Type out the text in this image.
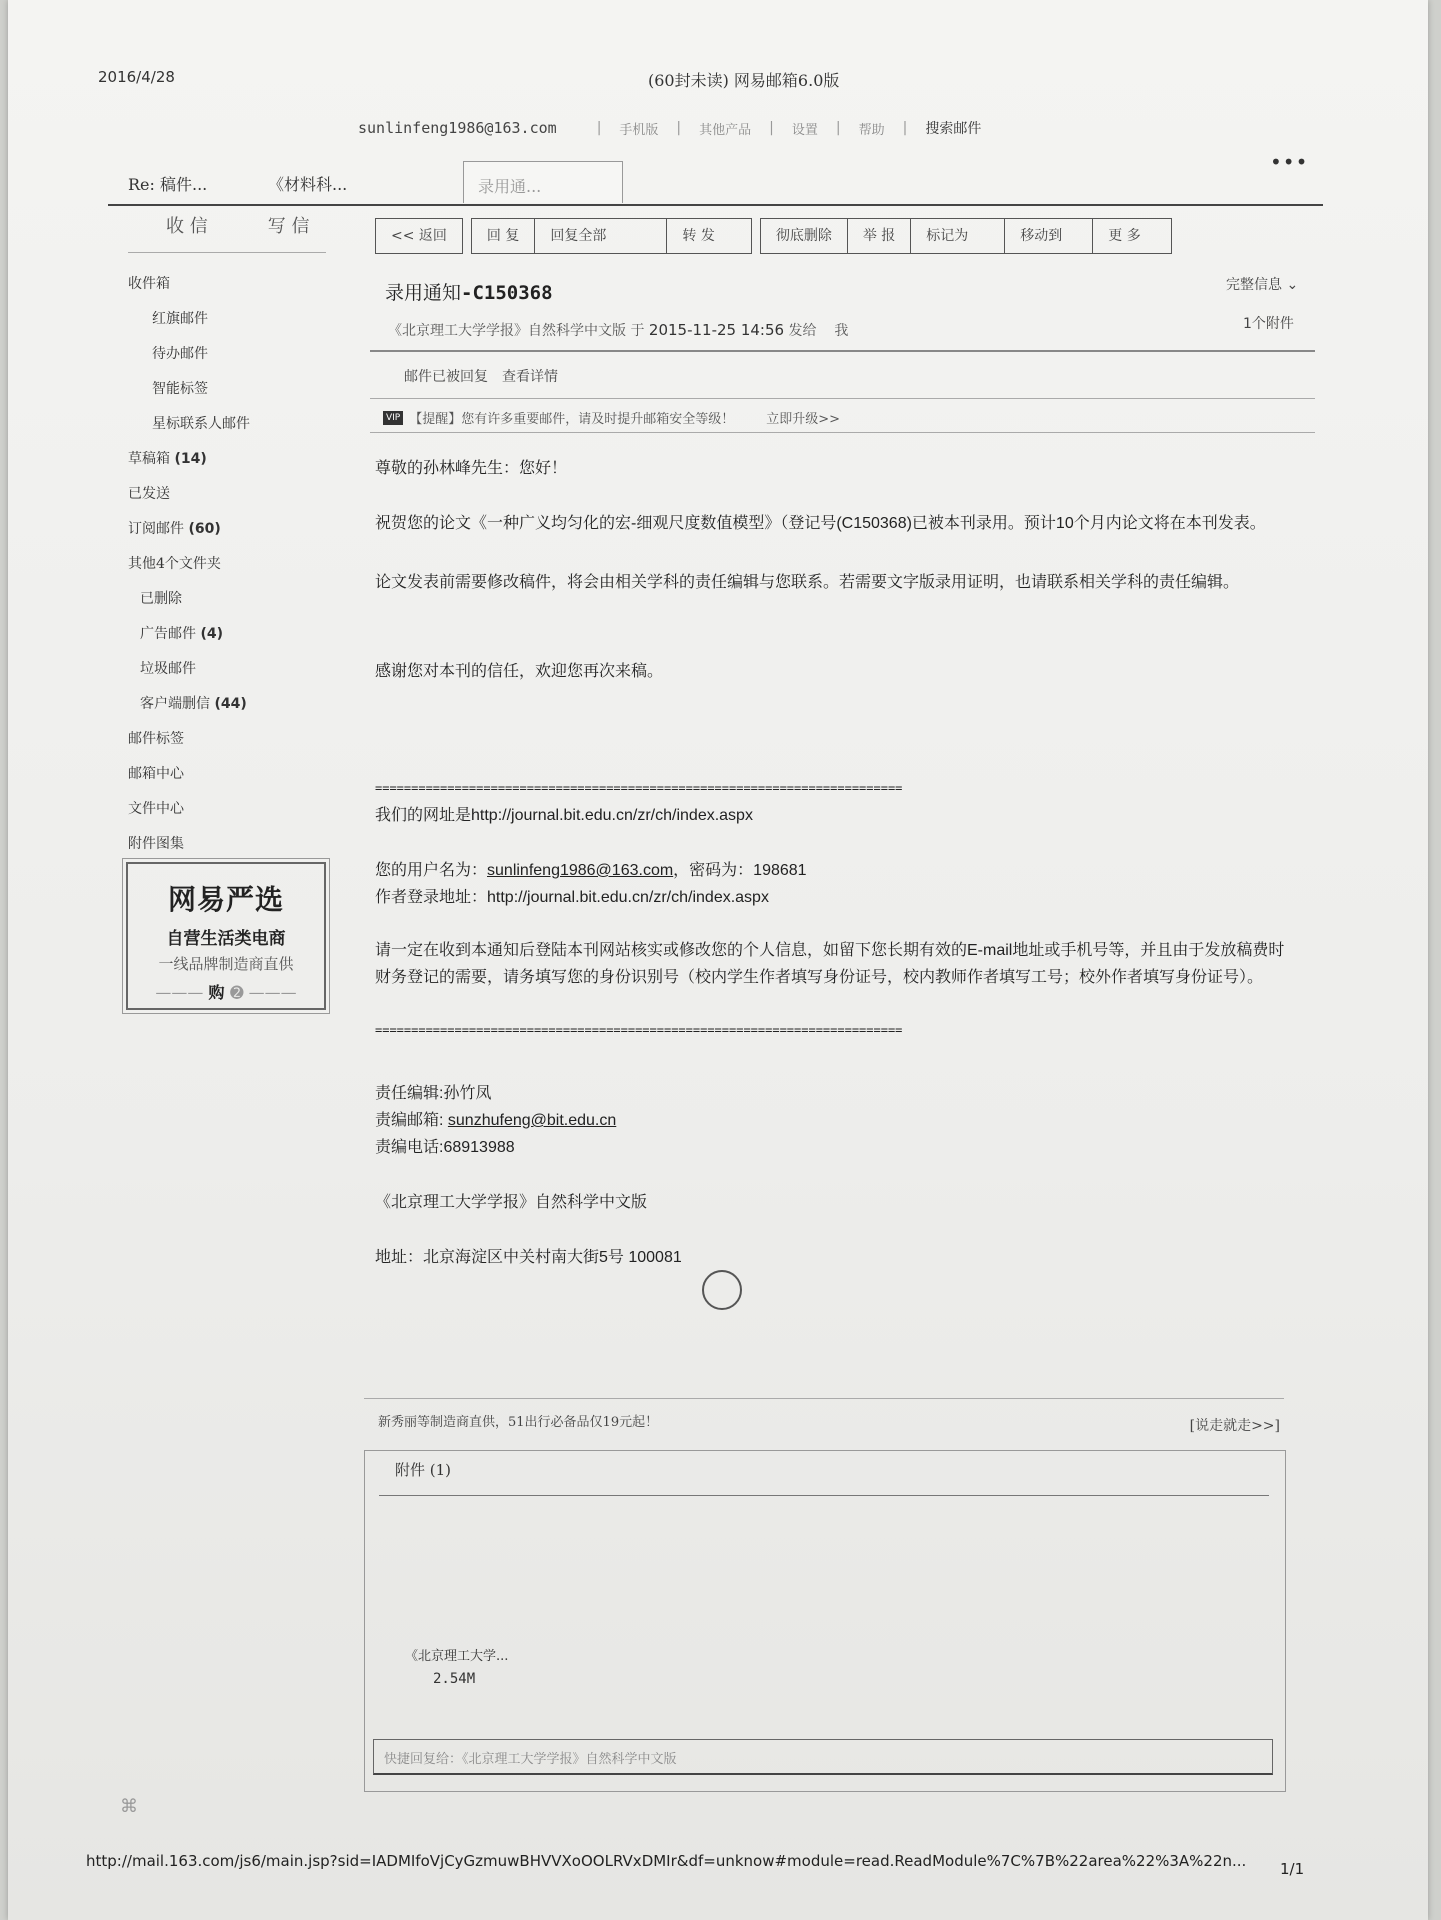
2016/4/28	(60封未读) 网易邮箱6.0版
sunlinfeng1986@163.com	| 手机版 | 其他产品 | 设置 | 帮助 | 搜索邮件
•••
Re: 稿件...	《材料科...	录用通...
收 信	写 信
收件箱
红旗邮件
待办邮件
智能标签
星标联系人邮件
草稿箱 (14)
已发送
订阅邮件 (60)
其他4个文件夹
已删除
广告邮件 (4)
垃圾邮件
客户端删信 (44)
邮件标签
邮箱中心
文件中心
附件图集
网易严选
自营生活类电商
一线品牌制造商直供
——— 购 ➋ ———
<< 返回	回 复	回复全部	转 发	彻底删除	举 报	标记为	移动到	更 多
录用通知-C150368	完整信息 ⌄
1个附件
《北京理工大学学报》自然科学中文版 于 2015-11-25 14:56 发给 我
邮件已被回复 查看详情
VIP 【提醒】您有许多重要邮件，请及时提升邮箱安全等级！ 立即升级>>

尊敬的孙林峰先生：您好！

祝贺您的论文《一种广义均匀化的宏-细观尺度数值模型》（登记号(C150368)已被本刊录用。预计10个月内论文将在本刊发表。

论文发表前需要修改稿件，将会由相关学科的责任编辑与您联系。若需要文字版录用证明，也请联系相关学科的责任编辑。

感谢您对本刊的信任，欢迎您再次来稿。

=========================================================================

我们的网址是http://journal.bit.edu.cn/zr/ch/index.aspx

您的用户名为：sunlinfeng1986@163.com，密码为：198681

作者登录地址：http://journal.bit.edu.cn/zr/ch/index.aspx

请一定在收到本通知后登陆本刊网站核实或修改您的个人信息，如留下您长期有效的E-mail地址或手机号等，并且由于发放稿费时财务登记的需要，请务填写您的身份识别号（校内学生作者填写身份证号，校内教师作者填写工号；校外作者填写身份证号）。

=========================================================================

责任编辑:孙竹凤

责编邮箱: sunzhufeng@bit.edu.cn

责编电话:68913988

《北京理工大学学报》自然科学中文版

地址：北京海淀区中关村南大街5号 100081

新秀丽等制造商直供，51出行必备品仅19元起！	[说走就走>>]
附件 (1)
《北京理工大学...
2.54M
快捷回复给：《北京理工大学学报》自然科学中文版
⌘
http://mail.163.com/js6/main.jsp?sid=IADMIfoVjCyGzmuwBHVVXoOOLRVxDMIr&df=unknow#module=read.ReadModule%7C%7B%22area%22%3A%22n...	1/1
